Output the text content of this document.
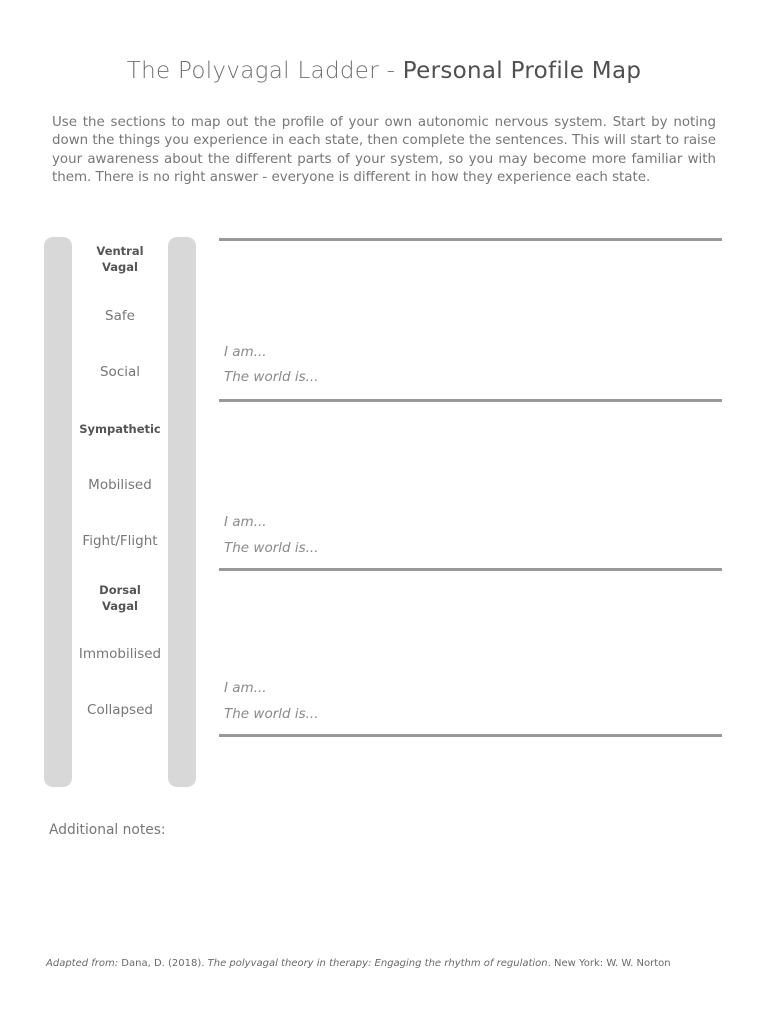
The Polyvagal Ladder - Personal Profile Map
Use the sections to map out the profile of your own autonomic nervous system. Start by noting down the things you experience in each state, then complete the sentences. This will start to raise your awareness about the different parts of your system, so you may become more familiar with them. There is no right answer - everyone is different in how they experience each state.
Ventral
Vagal
Safe
Social
Sympathetic
Mobilised
Fight/Flight
Dorsal
Vagal
Immobilised
Collapsed
I am...
The world is...
I am...
The world is...
I am...
The world is...
Additional notes:
Adapted from: Dana, D. (2018). The polyvagal theory in therapy: Engaging the rhythm of regulation. New York: W. W. Norton
